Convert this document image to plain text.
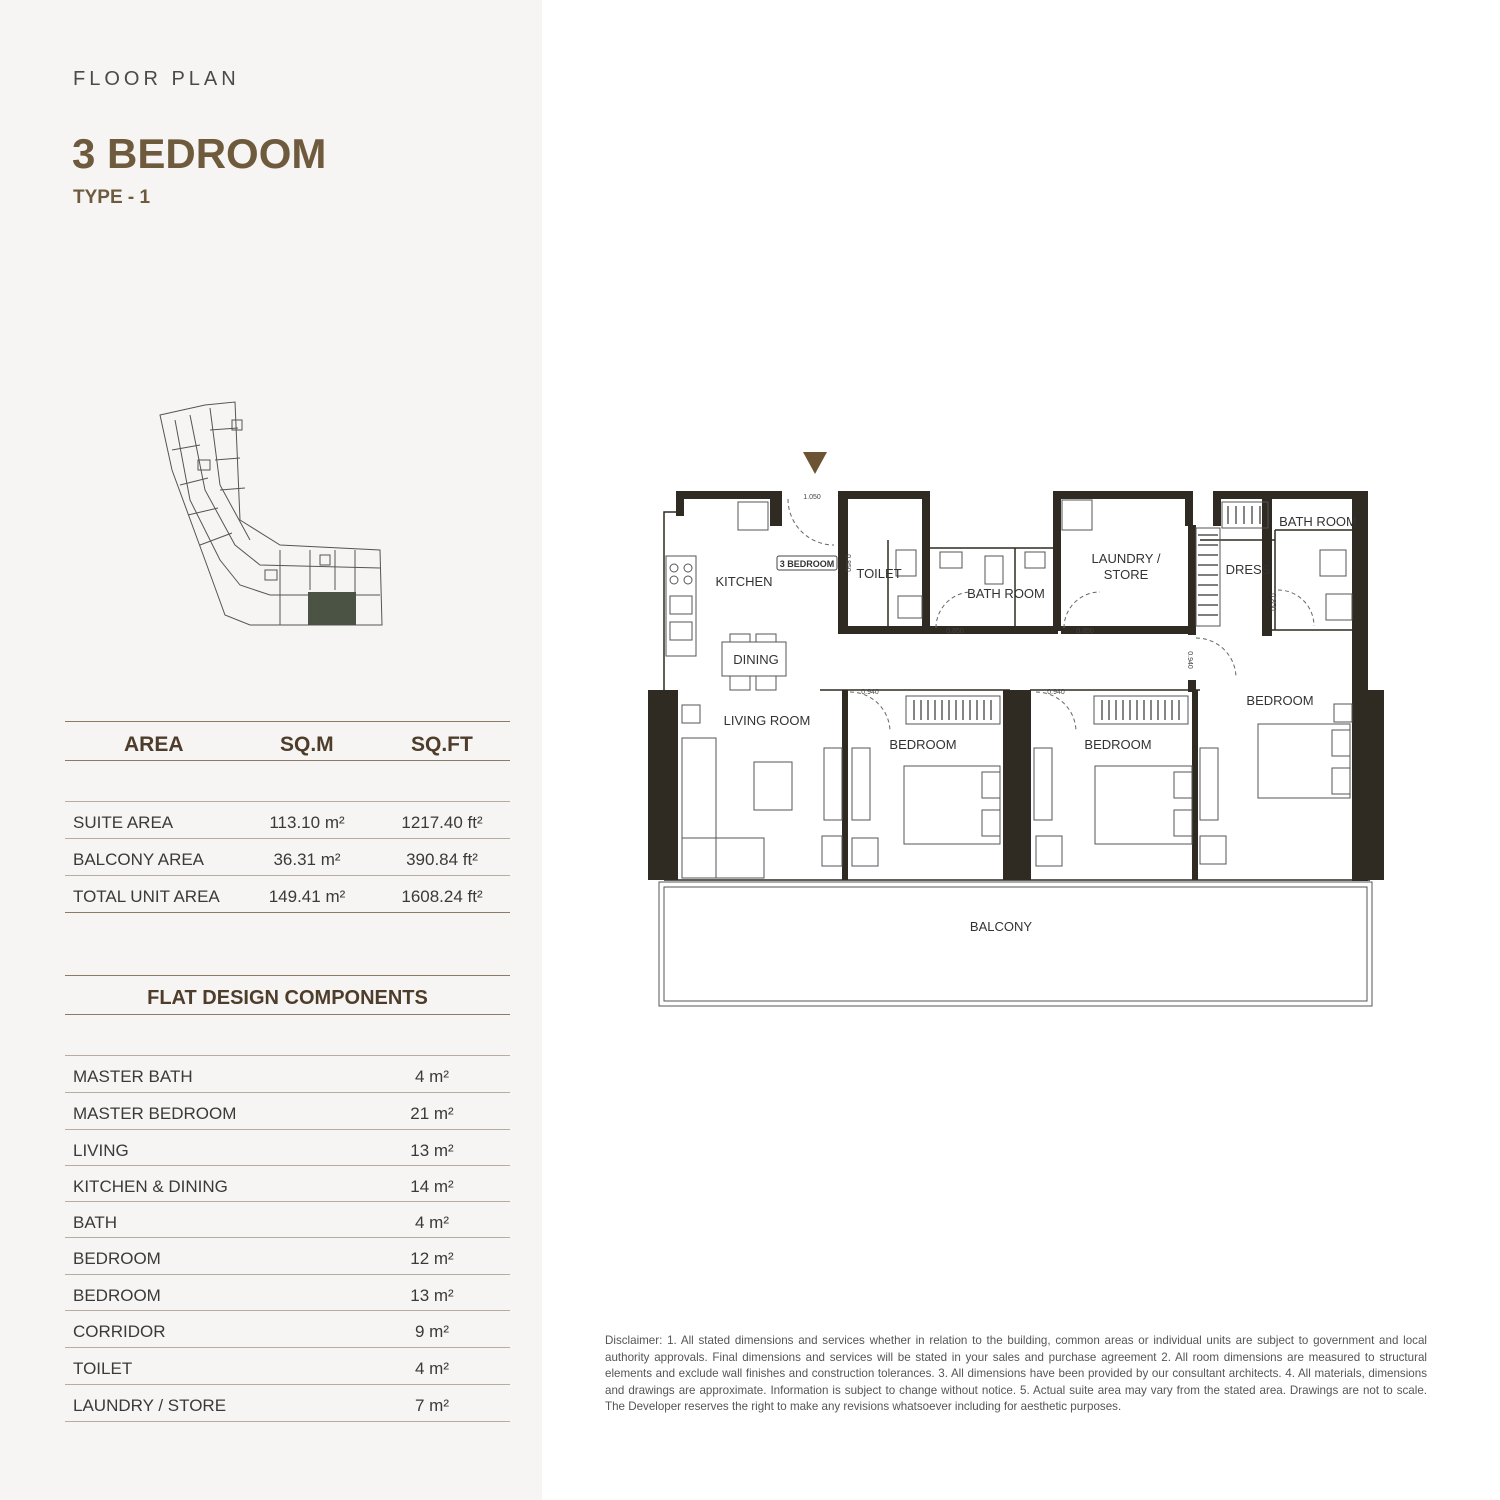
FLOOR PLAN
3 BEDROOM
TYPE - 1
AREA	SQ.M	SQ.FT
SUITE AREA	113.10 m²	1217.40 ft²
BALCONY AREA	36.31 m²	390.84 ft²
TOTAL UNIT AREA	149.41 m²	1608.24 ft²
FLAT DESIGN COMPONENTS
MASTER BATH	4 m²
MASTER BEDROOM	21 m²
LIVING	13 m²
KITCHEN & DINING	14 m²
BATH	4 m²
BEDROOM	12 m²
BEDROOM	13 m²
CORRIDOR	9 m²
TOILET	4 m²
LAUNDRY / STORE	7 m²
3 BEDROOM
KITCHEN
DINING
LIVING ROOM
TOILET
BATH ROOM
LAUNDRY /
STORE	DRESS
BATH ROOM
BEDROOM	BEDROOM
BEDROOM
BALCONY
1.050
0.850	0.850
0.940	0.940
0.850
0.940
0.850
Disclaimer: 1. All stated dimensions and services whether in relation to the building, common areas or individual units are subject to government and local authority approvals. Final dimensions and services will be stated in your sales and purchase agreement 2. All room dimensions are measured to structural elements and exclude wall finishes and construction tolerances. 3. All dimensions have been provided by our consultant architects. 4. All materials, dimensions and drawings are approximate. Information is subject to change without notice. 5. Actual suite area may vary from the stated area. Drawings are not to scale. The Developer reserves the right to make any revisions whatsoever including for aesthetic purposes.
